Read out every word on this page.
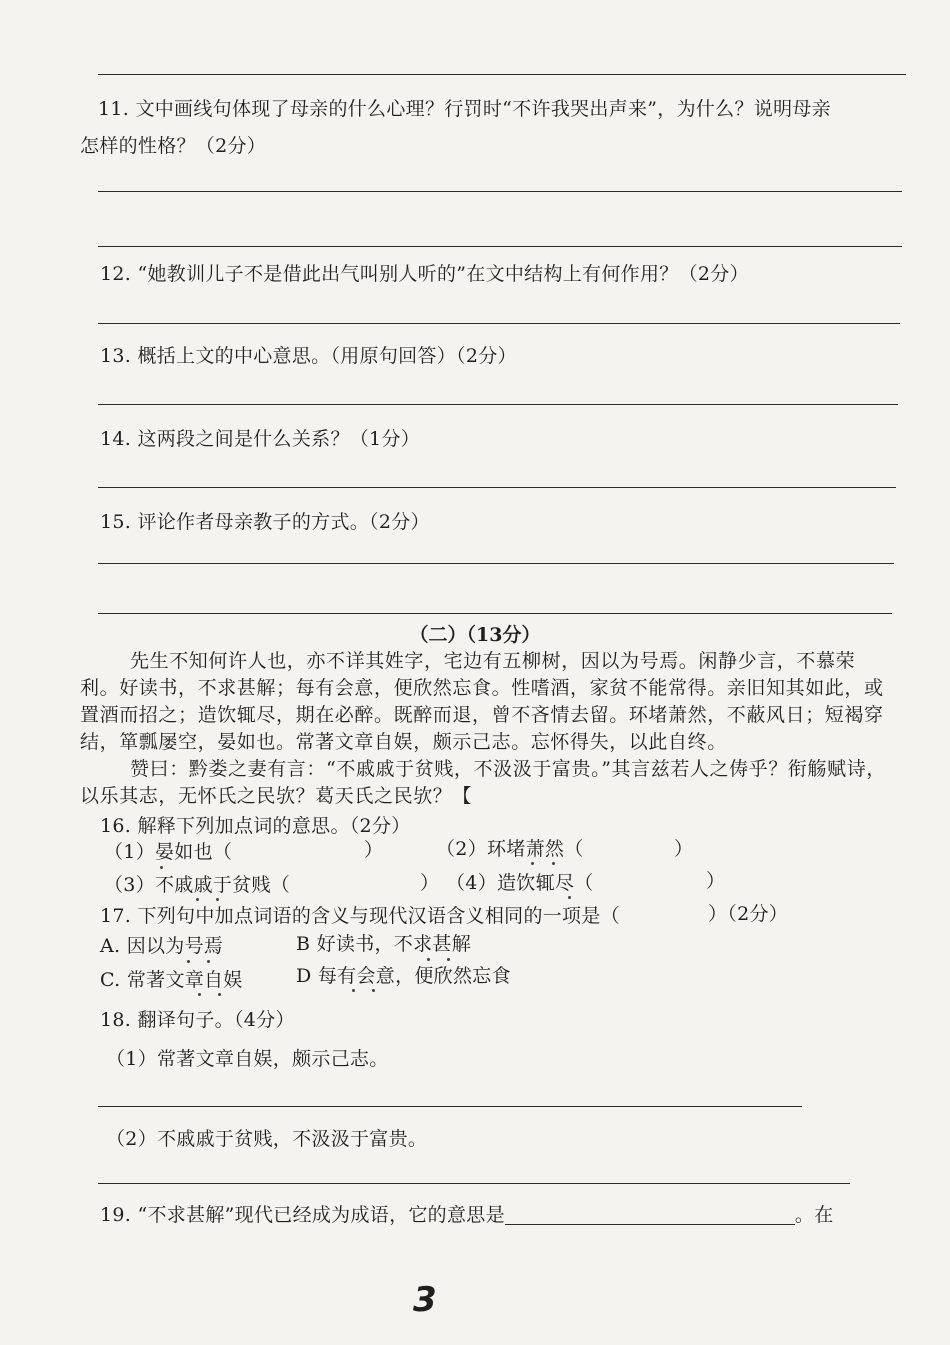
11. 文中画线句体现了母亲的什么心理？行罚时“不许我哭出声来”，为什么？说明母亲
怎样的性格？（2分）
12. “她教训儿子不是借此出气叫别人听的”在文中结构上有何作用？（2分）
13. 概括上文的中心意思。（用原句回答）（2分）
14. 这两段之间是什么关系？（1分）
15. 评论作者母亲教子的方式。（2分）
（二）（13分）
先生不知何许人也，亦不详其姓字，宅边有五柳树，因以为号焉。闲静少言，不慕荣利。好读书，不求甚解；每有会意，便欣然忘食。性嗜酒，家贫不能常得。亲旧知其如此，或置酒而招之；造饮辄尽，期在必醉。既醉而退，曾不吝情去留。环堵萧然，不蔽风日；短褐穿结，箪瓢屡空，晏如也。常著文章自娱，颇示己志。忘怀得失，以此自终。
赞曰：黔娄之妻有言：“不戚戚于贫贱，不汲汲于富贵。”其言兹若人之俦乎？衔觞赋诗，以乐其志，无怀氏之民欤？葛天氏之民欤？【
16. 解释下列加点词的意思。（2分）
（1）晏如也（	）	（2）环堵萧然（	）
（3）不戚戚于贫贱（	） （4）造饮辄尽（	）
17. 下列句中加点词语的含义与现代汉语含义相同的一项是（	）（2分）
A. 因以为号焉	B 好读书，不求甚解
C. 常著文章自娱	D 每有会意，便欣然忘食
18. 翻译句子。（4分）
（1）常著文章自娱，颇示己志。
（2）不戚戚于贫贱，不汲汲于富贵。
19. “不求甚解”现代已经成为成语，它的意思是	。在
3
